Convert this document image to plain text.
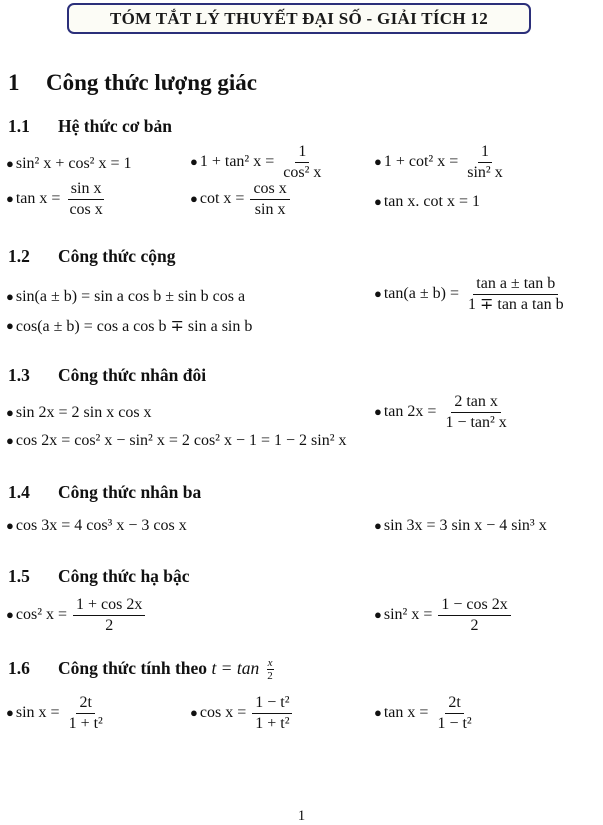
TÓM TẮT LÝ THUYẾT ĐẠI SỐ - GIẢI TÍCH 12
1 Công thức lượng giác
1.1 Hệ thức cơ bản
● sin² x + cos² x = 1	● 1 + tan² $x = \frac{1}{\text{cos² x}}$	● 1 + cot² $x = \frac{1}{\text{sin² x}}$
● $\tan x = \frac{\text{sin x}}{\text{cos x}}$	● $\cot x = \frac{\text{cos x}}{\text{sin x}}$	● tan x. cot x = 1
1.2 Công thức cộng
● sin(a ± b) = sin a cos b ± sin b cos a	● $\tan(a \pm b) = \frac{\text{tan a ± tan b}}{\text{1 ∓ tan a tan b}}$
● cos(a ± b) = cos a cos b ∓ sin a sin b
1.3 Công thức nhân đôi
● sin 2x = 2 sin x cos x	● $\tan 2x = \frac{\text{2 tan x}}{\text{1 − tan² x}}$
● cos 2x = cos² x − sin² x = 2 cos² x − 1 = 1 − 2 sin² x
1.4 Công thức nhân ba
● cos 3x = 4 cos³ x − 3 cos x	● sin 3x = 3 sin x − 4 sin³ x
1.5 Công thức hạ bậc
● cos² $x = \frac{1 + \cos 2x}{2}$	● sin² $x = \frac{1 - \cos 2x}{2}$
1.6 Công thức tính theo $t = \tan \frac{x}{2}$
● $\sin x = \frac{2t}{\text{1 + t²}}$	● $\cos x = \frac{\text{1 − t²}}{\text{1 + t²}}$	● $\tan x = \frac{2t}{\text{1 − t²}}$
1
